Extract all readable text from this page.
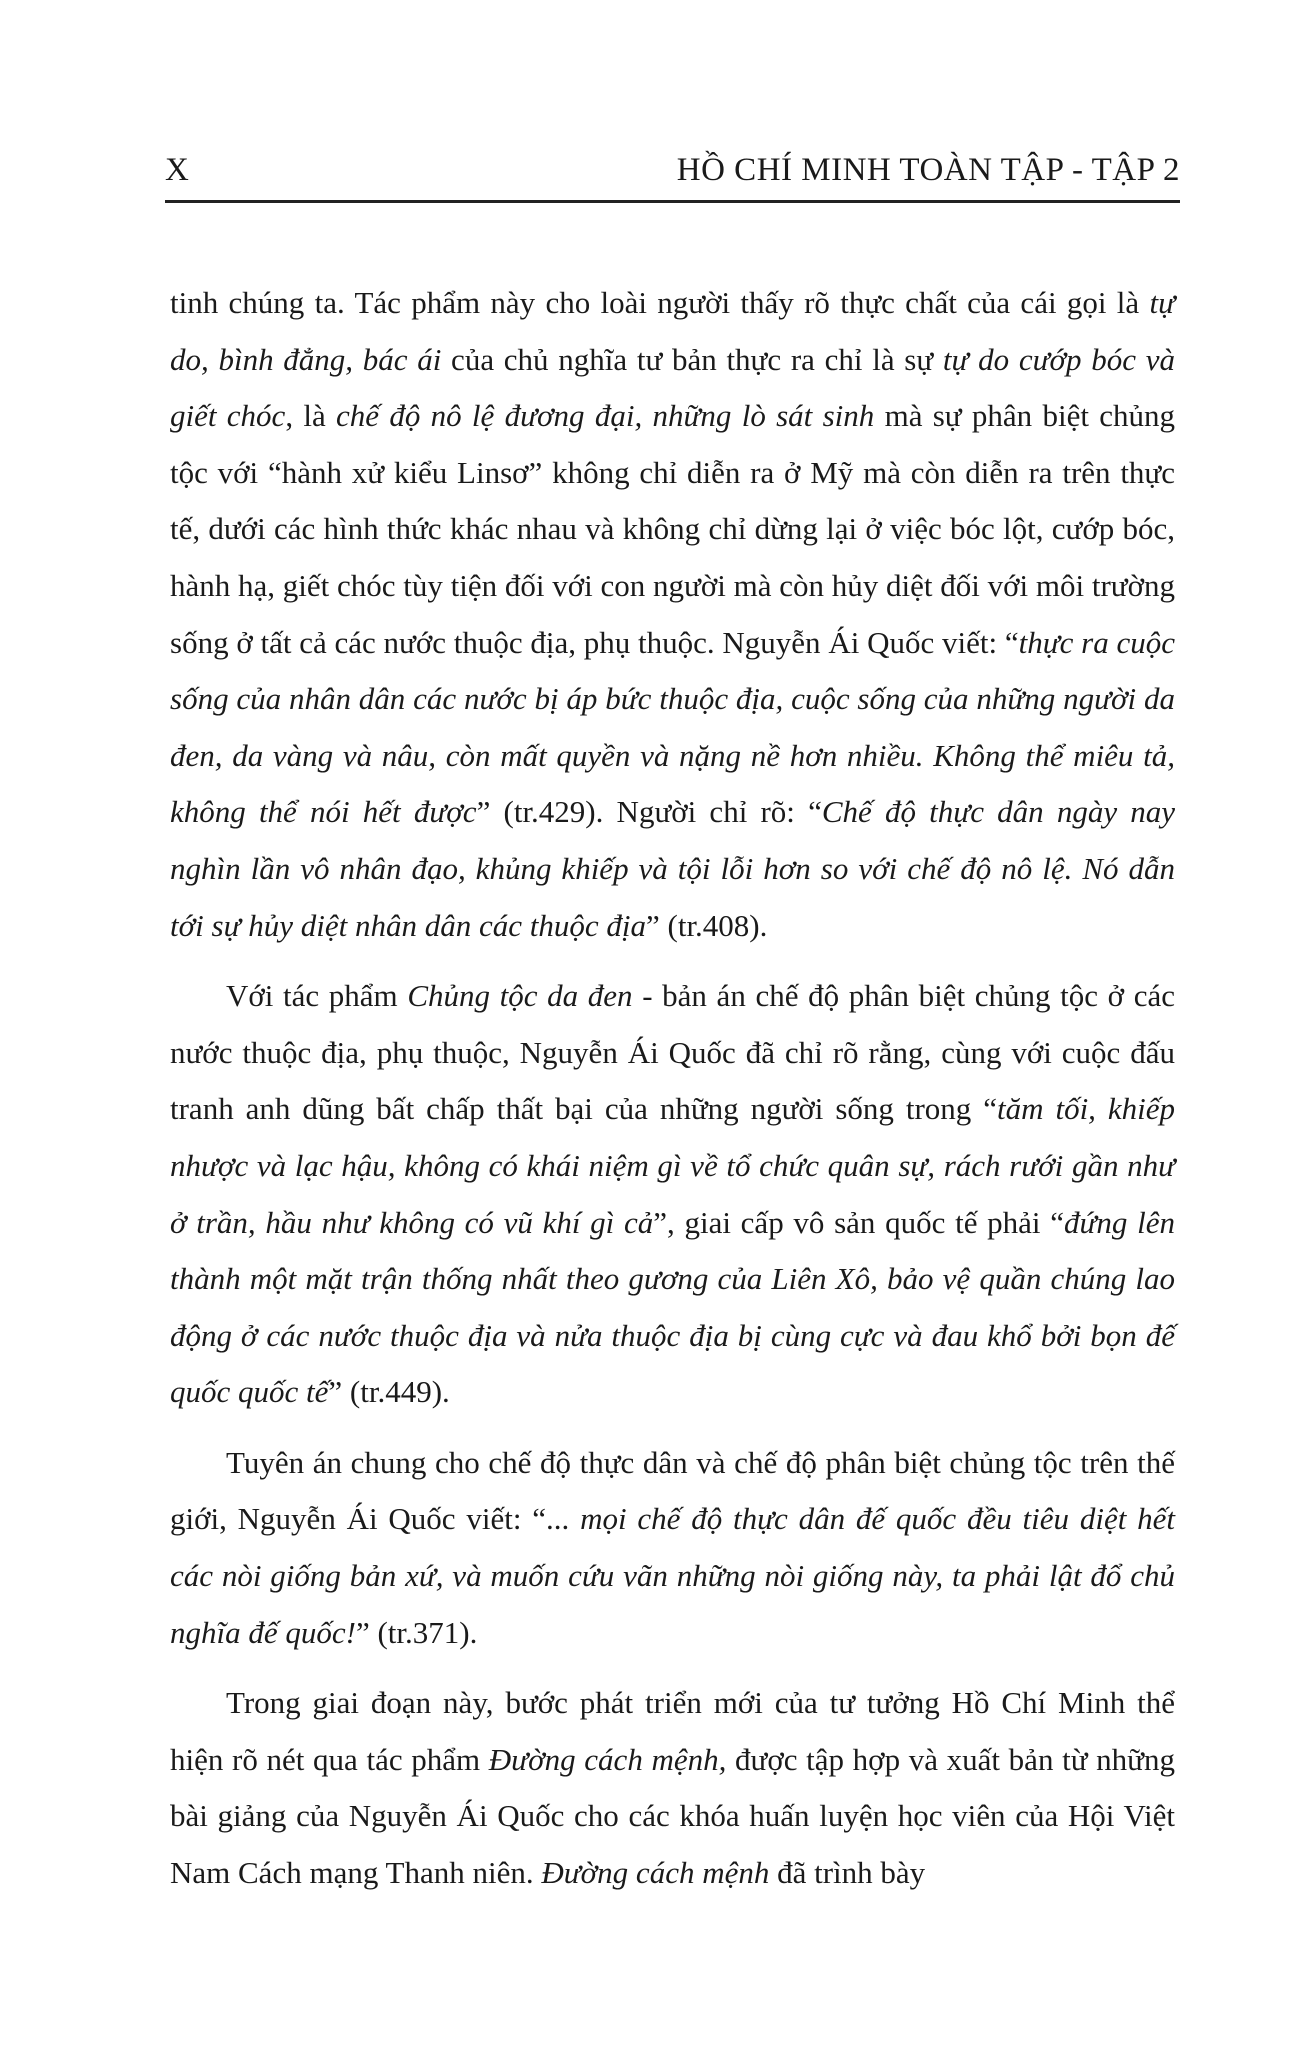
X	HỒ CHÍ MINH TOÀN TẬP - TẬP 2

tinh chúng ta. Tác phẩm này cho loài người thấy rõ thực chất của cái gọi là tự do, bình đẳng, bác ái của chủ nghĩa tư bản thực ra chỉ là sự tự do cướp bóc và giết chóc, là chế độ nô lệ đương đại, những lò sát sinh mà sự phân biệt chủng tộc với “hành xử kiểu Linsơ” không chỉ diễn ra ở Mỹ mà còn diễn ra trên thực tế, dưới các hình thức khác nhau và không chỉ dừng lại ở việc bóc lột, cướp bóc, hành hạ, giết chóc tùy tiện đối với con người mà còn hủy diệt đối với môi trường sống ở tất cả các nước thuộc địa, phụ thuộc. Nguyễn Ái Quốc viết: “thực ra cuộc sống của nhân dân các nước bị áp bức thuộc địa, cuộc sống của những người da đen, da vàng và nâu, còn mất quyền và nặng nề hơn nhiều. Không thể miêu tả, không thể nói hết được” (tr.429). Người chỉ rõ: “Chế độ thực dân ngày nay nghìn lần vô nhân đạo, khủng khiếp và tội lỗi hơn so với chế độ nô lệ. Nó dẫn tới sự hủy diệt nhân dân các thuộc địa” (tr.408).

Với tác phẩm Chủng tộc da đen - bản án chế độ phân biệt chủng tộc ở các nước thuộc địa, phụ thuộc, Nguyễn Ái Quốc đã chỉ rõ rằng, cùng với cuộc đấu tranh anh dũng bất chấp thất bại của những người sống trong “tăm tối, khiếp nhược và lạc hậu, không có khái niệm gì về tổ chức quân sự, rách rưới gần như ở trần, hầu như không có vũ khí gì cả”, giai cấp vô sản quốc tế phải “đứng lên thành một mặt trận thống nhất theo gương của Liên Xô, bảo vệ quần chúng lao động ở các nước thuộc địa và nửa thuộc địa bị cùng cực và đau khổ bởi bọn đế quốc quốc tế” (tr.449).

Tuyên án chung cho chế độ thực dân và chế độ phân biệt chủng tộc trên thế giới, Nguyễn Ái Quốc viết: “... mọi chế độ thực dân đế quốc đều tiêu diệt hết các nòi giống bản xứ, và muốn cứu vãn những nòi giống này, ta phải lật đổ chủ nghĩa đế quốc!” (tr.371).

Trong giai đoạn này, bước phát triển mới của tư tưởng Hồ Chí Minh thể hiện rõ nét qua tác phẩm Đường cách mệnh, được tập hợp và xuất bản từ những bài giảng của Nguyễn Ái Quốc cho các khóa huấn luyện học viên của Hội Việt Nam Cách mạng Thanh niên. Đường cách mệnh đã trình bày
